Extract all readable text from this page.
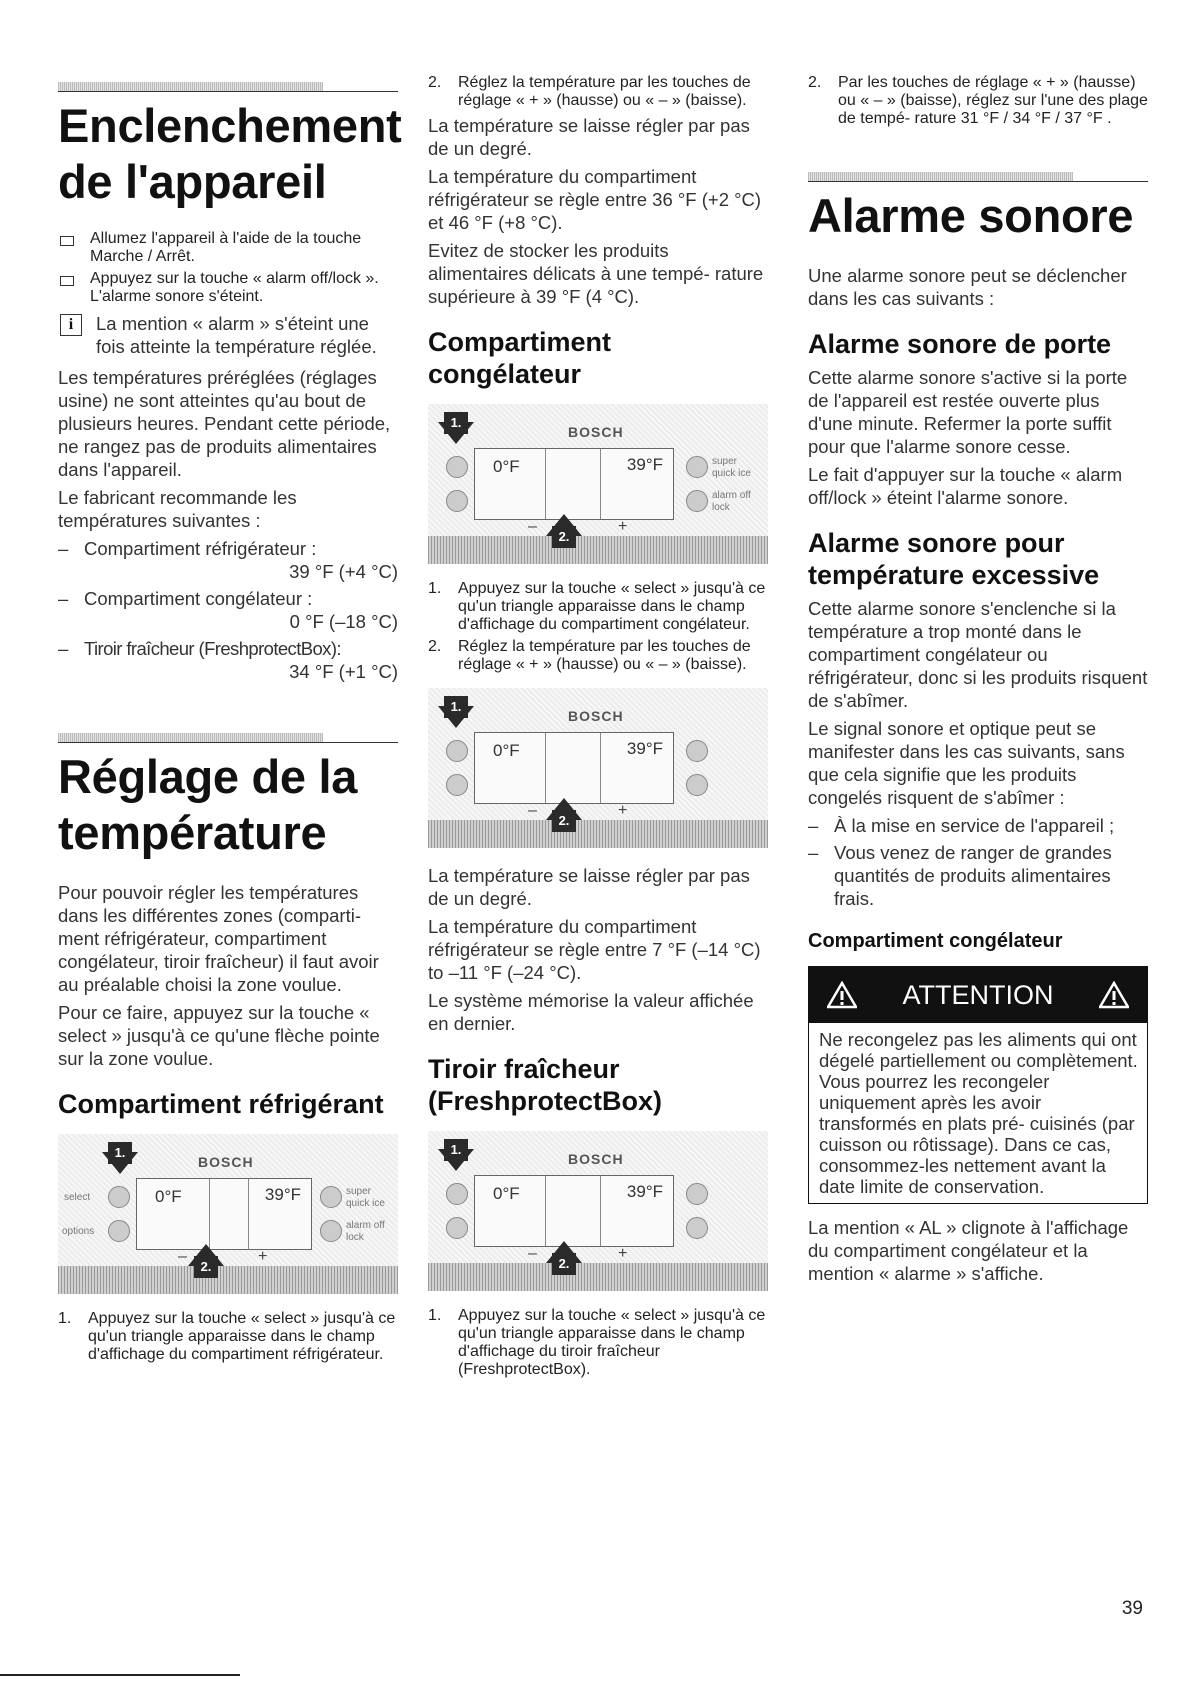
Enclenchement de l'appareil
Allumez l'appareil à l'aide de la touche Marche / Arrêt.
Appuyez sur la touche « alarm off/lock ». L'alarme sonore s'éteint.
i	La mention « alarm » s'éteint une fois atteinte la température réglée.

Les températures préréglées (réglages usine) ne sont atteintes qu'au bout de plusieurs heures. Pendant cette période, ne rangez pas de produits alimentaires dans l'appareil.

Le fabricant recommande les températures suivantes :

– Compartiment réfrigérateur :
39 °F (+4 °C)
– Compartiment congélateur :
0 °F (–18 °C)
– Tiroir fraîcheur (FreshprotectBox):
34 °F (+1 °C)
Réglage de la température

Pour pouvoir régler les températures dans les différentes zones (comparti- ment réfrigérateur, compartiment congélateur, tiroir fraîcheur) il faut avoir au préalable choisi la zone voulue.

Pour ce faire, appuyez sur la touche « select » jusqu'à ce qu'une flèche pointe sur la zone voulue.

Compartiment réfrigérant
BOSCH
1.
0°F	39°F
select
options
super
quick ice
alarm off
lock
–	+
2.
1.	Appuyez sur la touche « select » jusqu'à ce qu'un triangle apparaisse dans le champ d'affichage du compartiment réfrigérateur.
2.	Réglez la température par les touches de réglage « + » (hausse) ou « – » (baisse).

La température se laisse régler par pas de un degré.

La température du compartiment réfrigérateur se règle entre 36 °F (+2 °C) et 46 °F (+8 °C).

Evitez de stocker les produits alimentaires délicats à une tempé- rature supérieure à 39 °F (4 °C).

Compartiment congélateur
BOSCH
1.
0°F	39°F	super
quick ice
alarm off
lock
–	+
2.
1.	Appuyez sur la touche « select » jusqu'à ce qu'un triangle apparaisse dans le champ d'affichage du compartiment congélateur.
2.	Réglez la température par les touches de réglage « + » (hausse) ou « – » (baisse).
BOSCH
1.
0°F	39°F
–	+
2.

La température se laisse régler par pas de un degré.

La température du compartiment réfrigérateur se règle entre 7 °F (–14 °C) to –11 °F (–24 °C).

Le système mémorise la valeur affichée en dernier.

Tiroir fraîcheur (FreshprotectBox)
BOSCH
1.
0°F	39°F
–	+
2.
1.	Appuyez sur la touche « select » jusqu'à ce qu'un triangle apparaisse dans le champ d'affichage du tiroir fraîcheur (FreshprotectBox).
2.	Par les touches de réglage « + » (hausse) ou « – » (baisse), réglez sur l'une des plage de tempé- rature 31 °F / 34 °F / 37 °F .
Alarme sonore

Une alarme sonore peut se déclencher dans les cas suivants :

Alarme sonore de porte

Cette alarme sonore s'active si la porte de l'appareil est restée ouverte plus d'une minute. Refermer la porte suffit pour que l'alarme sonore cesse.

Le fait d'appuyer sur la touche « alarm off/lock » éteint l'alarme sonore.

Alarme sonore pour température excessive

Cette alarme sonore s'enclenche si la température a trop monté dans le compartiment congélateur ou réfrigérateur, donc si les produits risquent de s'abîmer.

Le signal sonore et optique peut se manifester dans les cas suivants, sans que cela signifie que les produits congelés risquent de s'abîmer :

– À la mise en service de l'appareil ;
– Vous venez de ranger de grandes quantités de produits alimentaires frais.
Compartiment congélateur
ATTENTION

Ne recongelez pas les aliments qui ont dégelé partiellement ou complètement. Vous pourrez les recongeler uniquement après les avoir transformés en plats pré- cuisinés (par cuisson ou rôtissage). Dans ce cas, consommez-les nettement avant la date limite de conservation.

La mention « AL » clignote à l'affichage du compartiment congélateur et la mention « alarme » s'affiche.

39
